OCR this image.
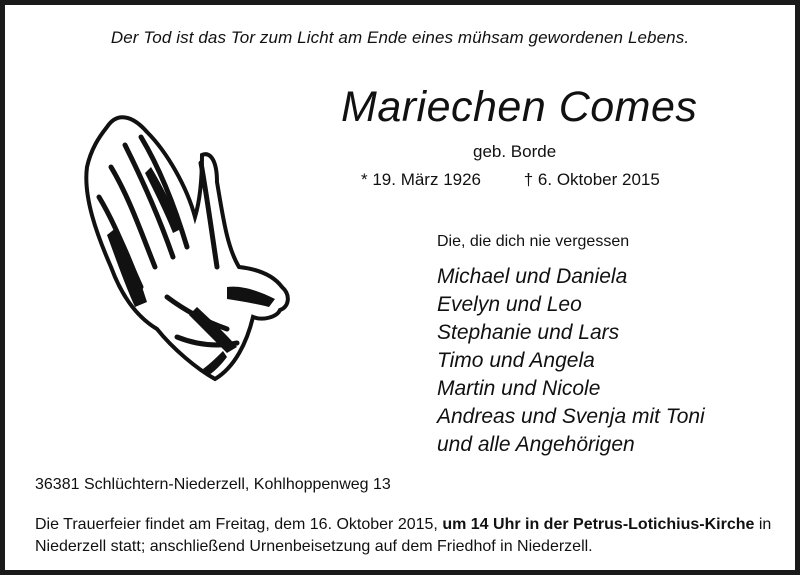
Der Tod ist das Tor zum Licht am Ende eines mühsam gewordenen Lebens.
Mariechen Comes
geb. Borde
* 19. März 1926	† 6. Oktober 2015
Die, die dich nie vergessen
Michael und Daniela
Evelyn und Leo
Stephanie und Lars
Timo und Angela
Martin und Nicole
Andreas und Svenja mit Toni
und alle Angehörigen
36381 Schlüchtern-Niederzell, Kohlhoppenweg 13
Die Trauerfeier findet am Freitag, dem 16. Oktober 2015, um 14 Uhr in der Petrus-Lotichius-Kirche in Niederzell statt; anschließend Urnenbeisetzung auf dem Friedhof in Niederzell.
